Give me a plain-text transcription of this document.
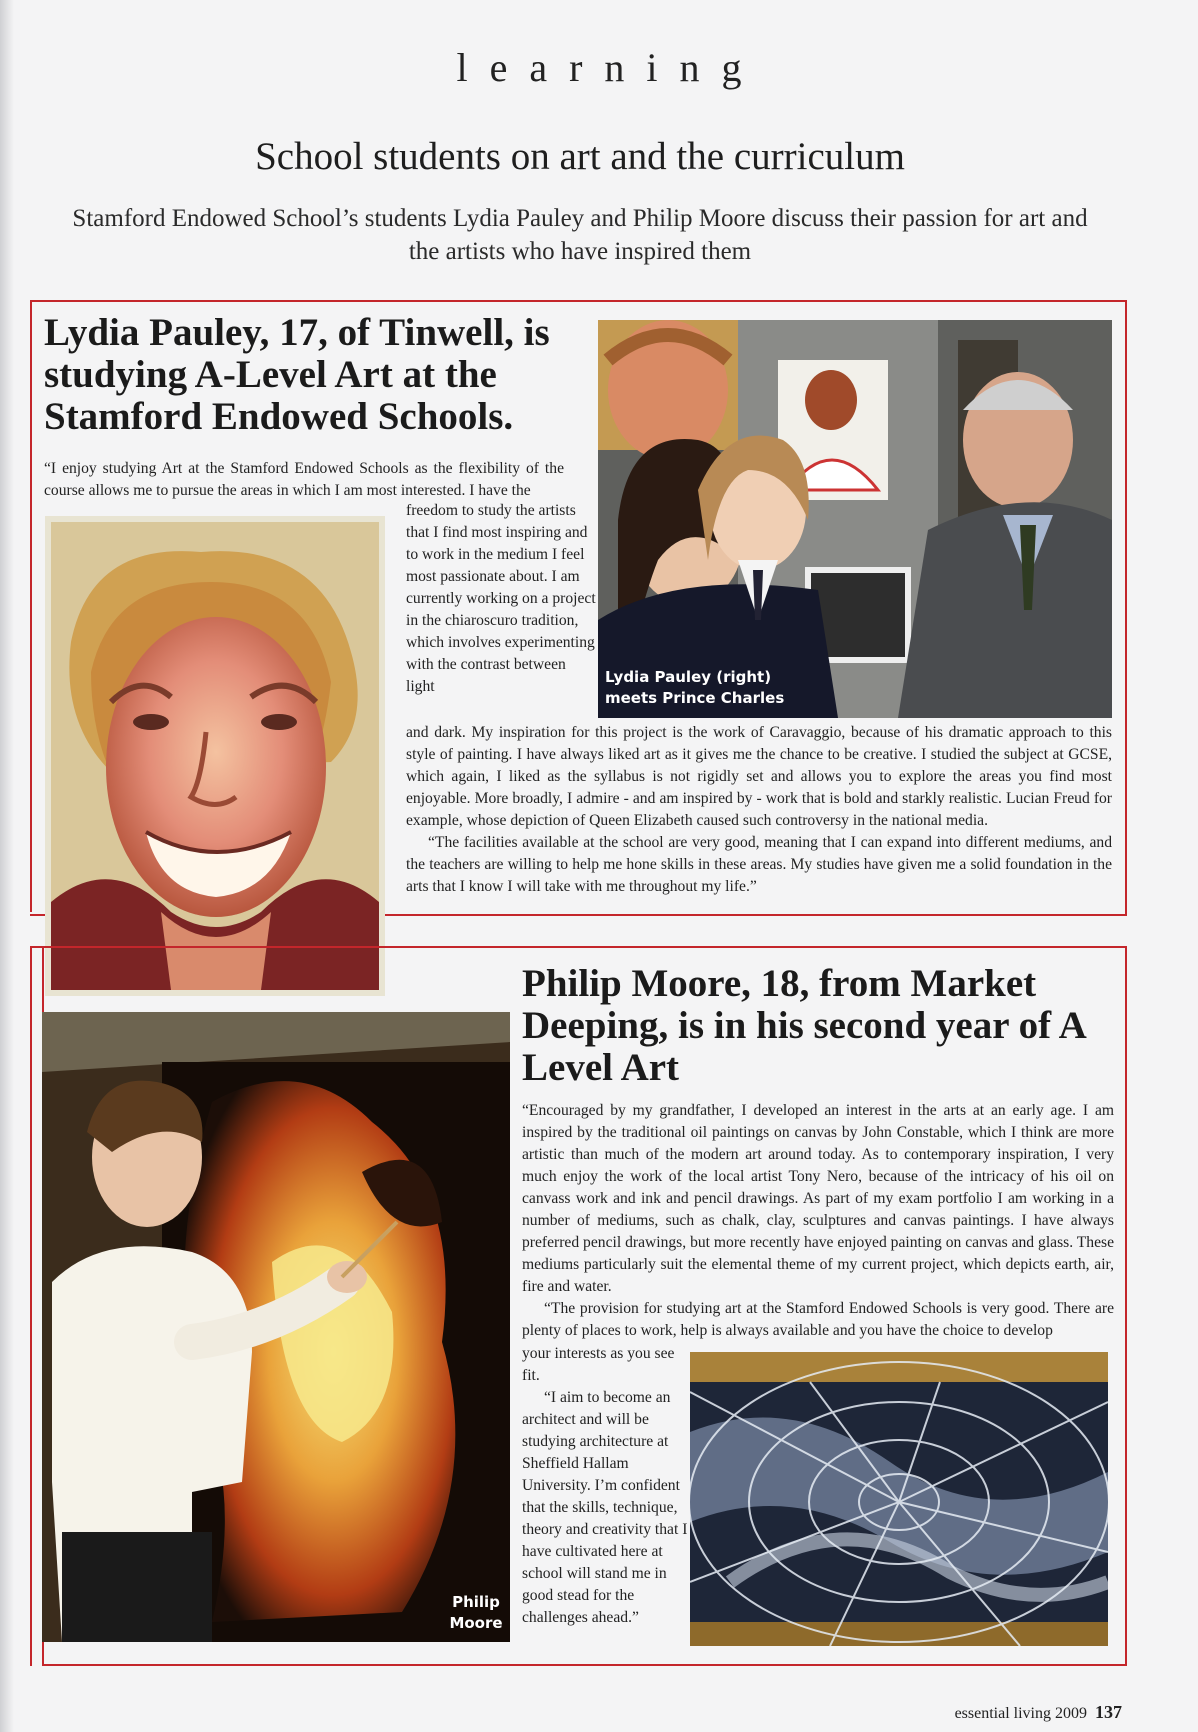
learning
School students on art and the curriculum

Stamford Endowed School’s students Lydia Pauley and Philip Moore discuss their passion for art and the artists who have inspired them

Lydia Pauley, 17, of Tinwell, is studying A-Level Art at the Stamford Endowed Schools.

“I enjoy studying Art at the Stamford Endowed Schools as the flexibility of the course allows me to pursue the areas in which I am most interested. I have the

freedom to study the artists that I find most inspiring and to work in the medium I feel most passionate about. I am currently working on a project in the chiaroscuro tradition, which involves experimenting with the contrast between light

Lydia Pauley (right)
meets Prince Charles

and dark. My inspiration for this project is the work of Caravaggio, because of his dramatic approach to this style of painting. I have always liked art as it gives me the chance to be creative. I studied the subject at GCSE, which again, I liked as the syllabus is not rigidly set and allows you to explore the areas you find most enjoyable. More broadly, I admire - and am inspired by - work that is bold and starkly realistic. Lucian Freud for example, whose depiction of Queen Elizabeth caused such controversy in the national media.

“The facilities available at the school are very good, meaning that I can expand into different mediums, and the teachers are willing to help me hone skills in these areas. My studies have given me a solid foundation in the arts that I know I will take with me throughout my life.”

Philip Moore, 18, from Market Deeping, is in his second year of A Level Art
Philip
Moore

“Encouraged by my grandfather, I developed an interest in the arts at an early age. I am inspired by the traditional oil paintings on canvas by John Constable, which I think are more artistic than much of the modern art around today. As to contemporary inspiration, I very much enjoy the work of the local artist Tony Nero, because of the intricacy of his oil on canvass work and ink and pencil drawings. As part of my exam portfolio I am working in a number of mediums, such as chalk, clay, sculptures and canvas paintings. I have always preferred pencil drawings, but more recently have enjoyed painting on canvas and glass. These mediums particularly suit the elemental theme of my current project, which depicts earth, air, fire and water.

“The provision for studying art at the Stamford Endowed Schools is very good. There are plenty of places to work, help is always available and you have the choice to develop

your interests as you see fit.

“I aim to become an architect and will be studying architecture at Sheffield Hallam University. I’m confident that the skills, technique, theory and creativity that I have cultivated here at school will stand me in good stead for the challenges ahead.”

essential living 2009 137
